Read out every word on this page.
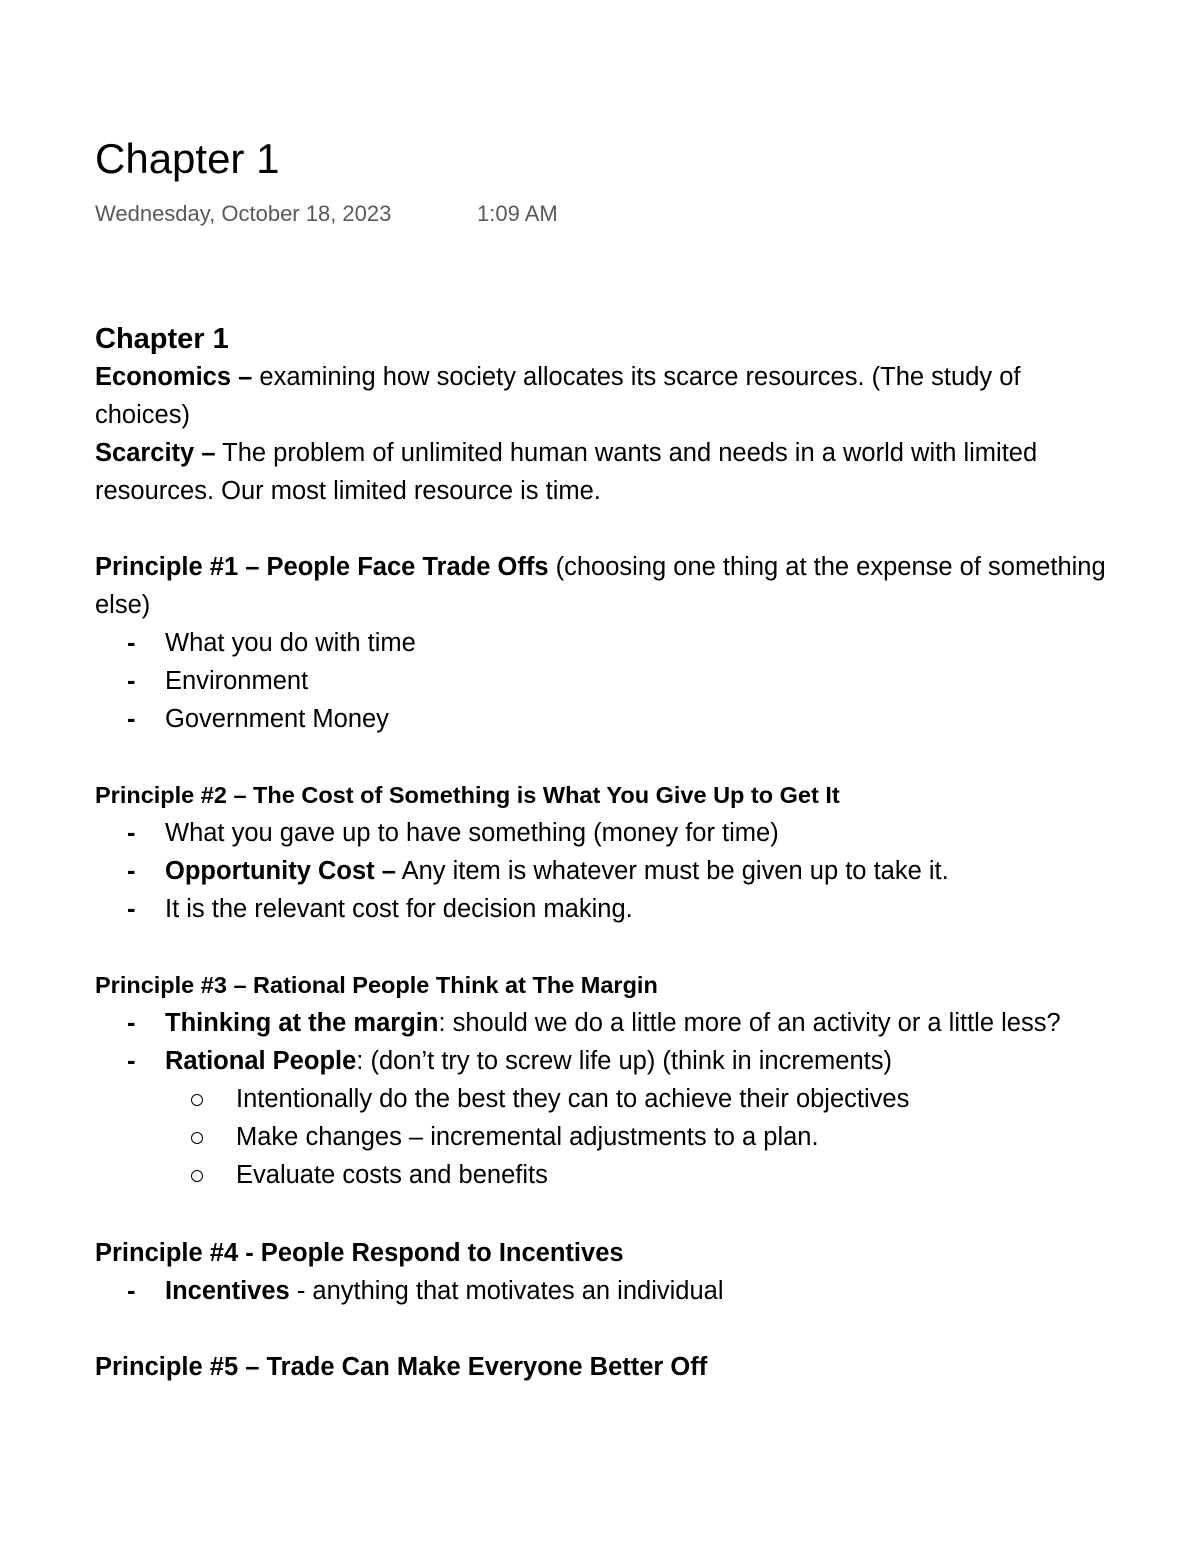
Chapter 1
Wednesday, October 18, 2023	1:09 AM
Chapter 1

Economics – examining how society allocates its scarce resources. (The study of choices)

Scarcity – The problem of unlimited human wants and needs in a world with limited resources. Our most limited resource is time.

Principle #1 – People Face Trade Offs (choosing one thing at the expense of something else)

- What you do with time
- Environment
- Government Money

Principle #2 – The Cost of Something is What You Give Up to Get It

- What you gave up to have something (money for time)
- Opportunity Cost – Any item is whatever must be given up to take it.
- It is the relevant cost for decision making.

Principle #3 – Rational People Think at The Margin

- Thinking at the margin: should we do a little more of an activity or a little less?
- Rational People: (don’t try to screw life up) (think in increments)
Intentionally do the best they can to achieve their objectives
Make changes – incremental adjustments to a plan.
Evaluate costs and benefits

Principle #4 - People Respond to Incentives

- Incentives - anything that motivates an individual

Principle #5 – Trade Can Make Everyone Better Off
